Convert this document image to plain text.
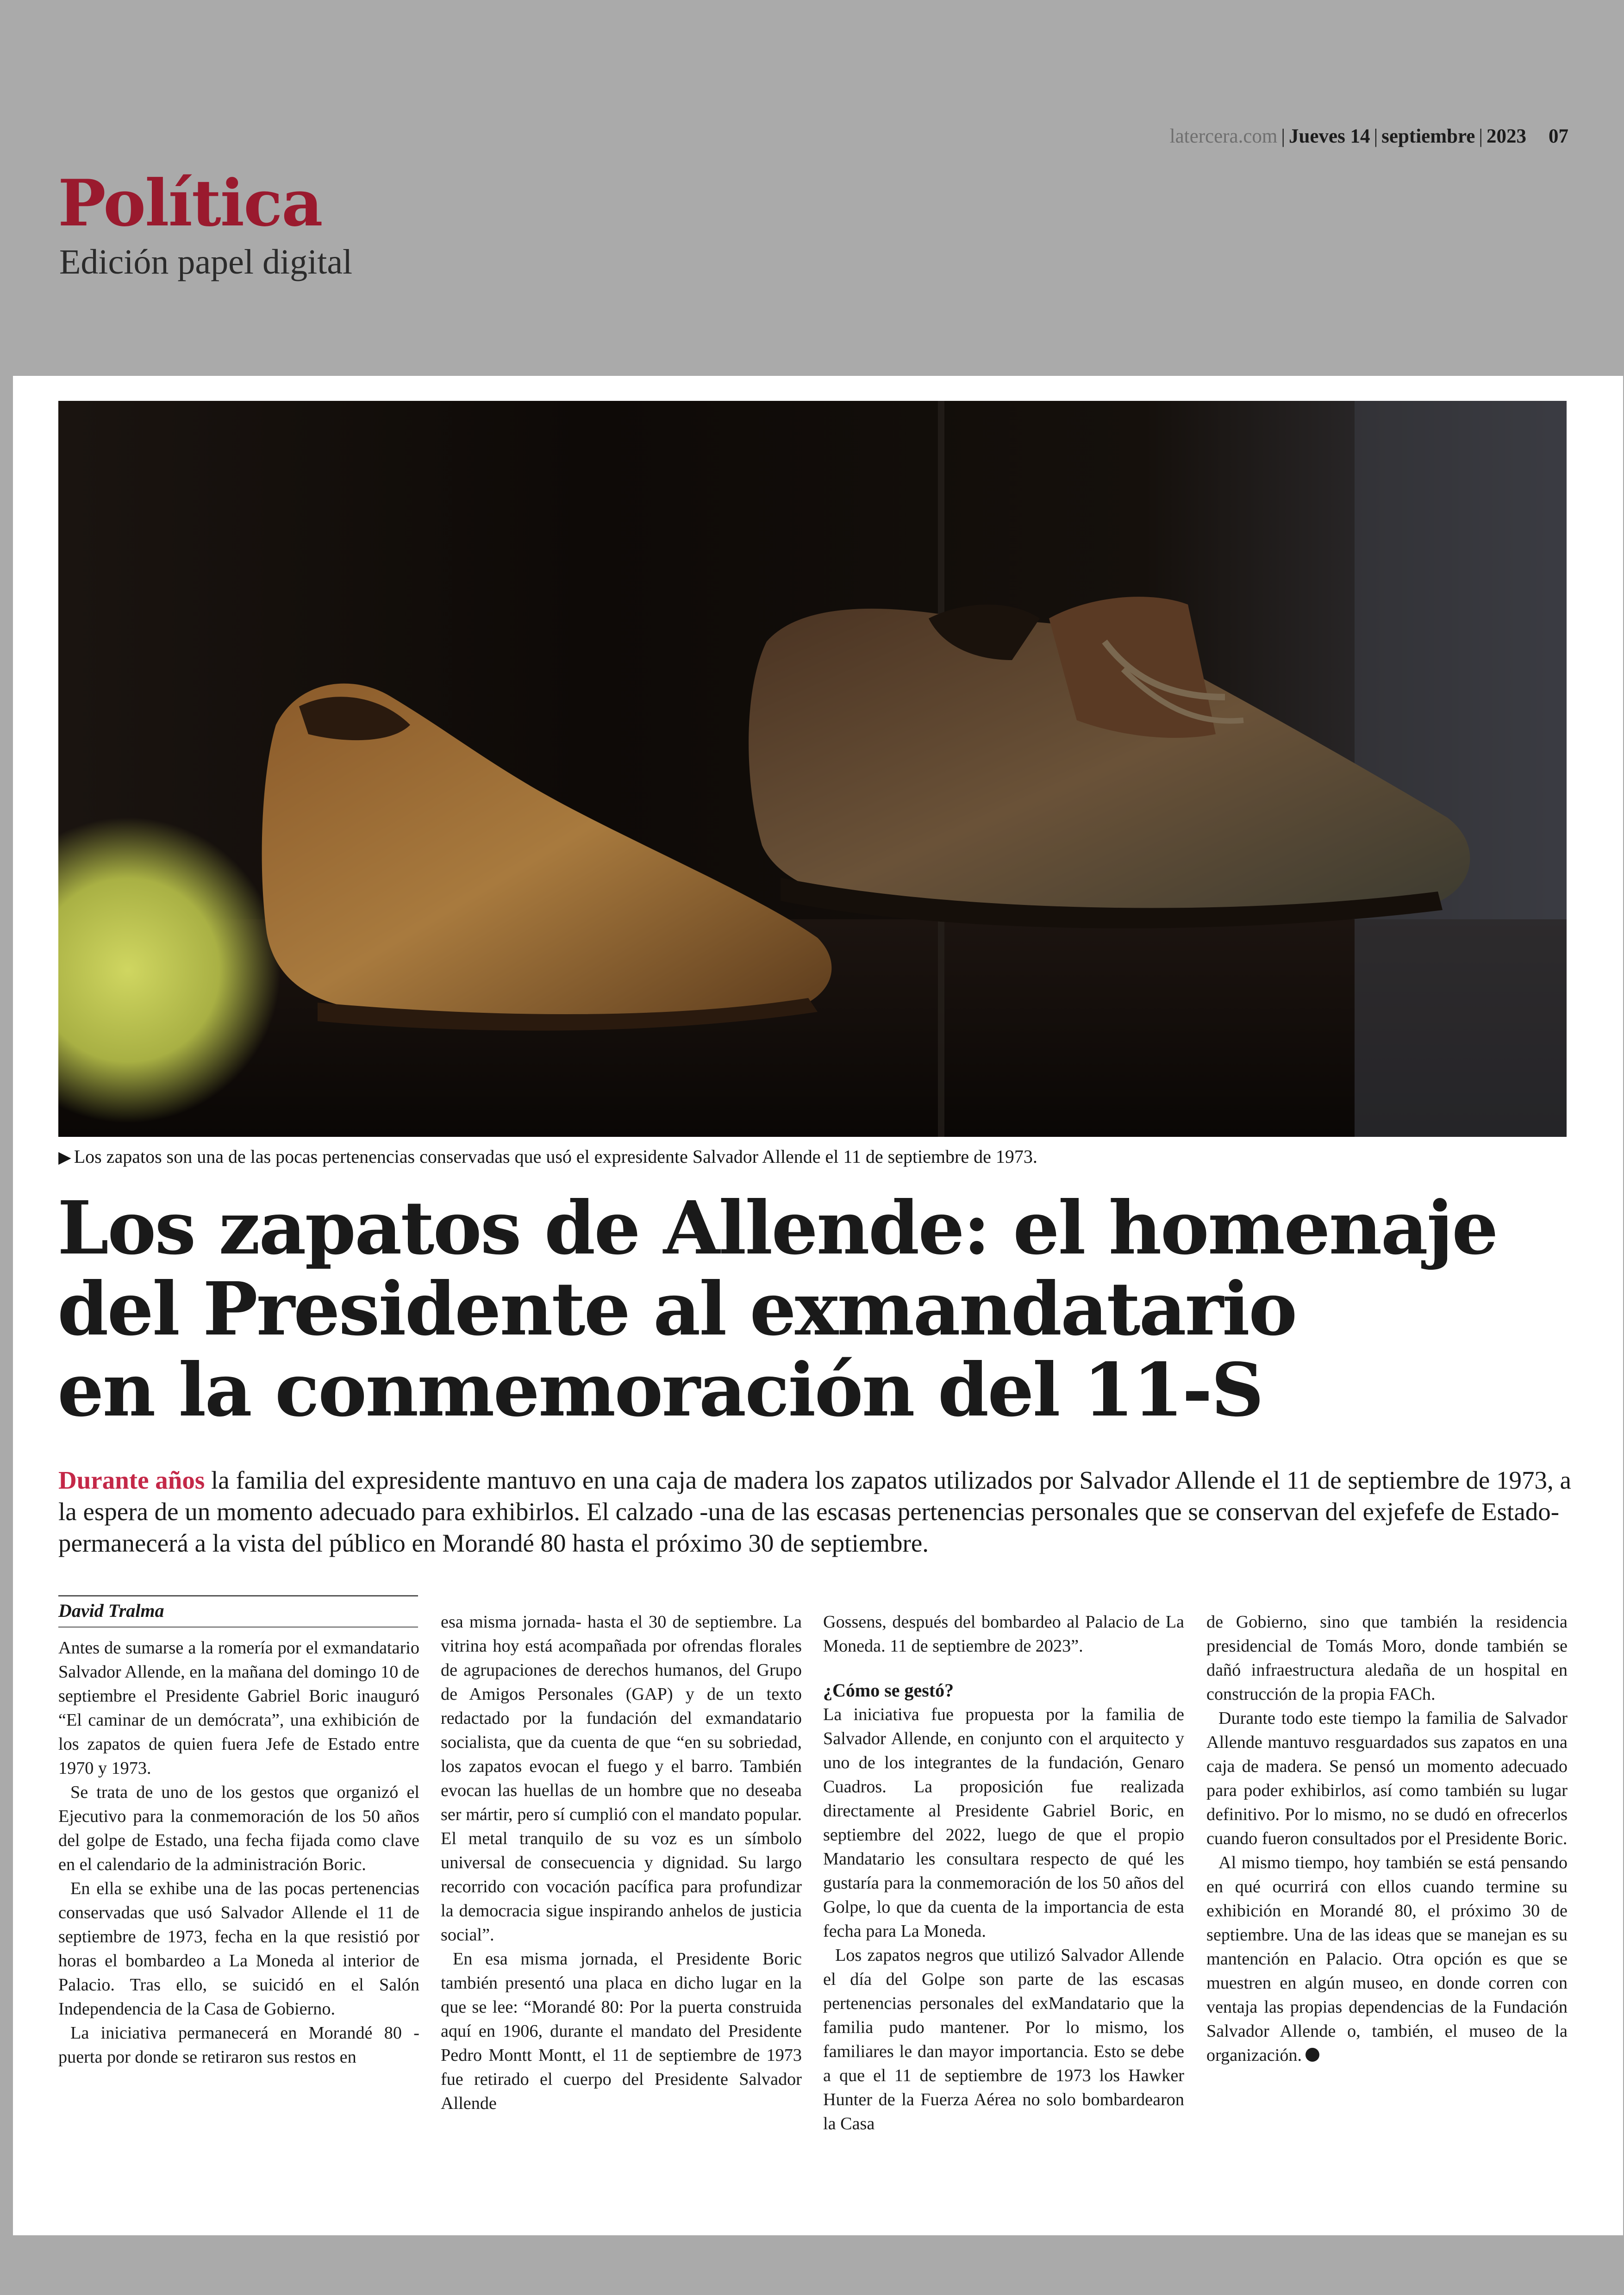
Política
Edición papel digital
latercera.com | Jueves 14 | septiembre | 2023 07
▶ Los zapatos son una de las pocas pertenencias conservadas que usó el expresidente Salvador Allende el 11 de septiembre de 1973.
Los zapatos de Allende: el homenaje
del Presidente al exmandatario
en la conmemoración del 11-S
Durante años la familia del expresidente mantuvo en una caja de madera los zapatos utilizados por Salvador Allende el 11 de septiembre de 1973, a la espera de un momento adecuado para exhibirlos. El calzado -una de las escasas pertenencias personales que se conservan del exjefefe de Estado- permanecerá a la vista del público en Morandé 80 hasta el próximo 30 de septiembre.
David Tralma

Antes de sumarse a la romería por el exmandatario Salvador Allende, en la mañana del domingo 10 de septiembre el Presidente Gabriel Boric inauguró “El caminar de un demócrata”, una exhibición de los zapatos de quien fuera Jefe de Estado entre 1970 y 1973.

Se trata de uno de los gestos que organizó el Ejecutivo para la conmemoración de los 50 años del golpe de Estado, una fecha fijada como clave en el calendario de la administración Boric.

En ella se exhibe una de las pocas pertenencias conservadas que usó Salvador Allende el 11 de septiembre de 1973, fecha en la que resistió por horas el bombardeo a La Moneda al interior de Palacio. Tras ello, se suicidó en el Salón Independencia de la Casa de Gobierno.

La iniciativa permanecerá en Morandé 80 -puerta por donde se retiraron sus restos en

esa misma jornada- hasta el 30 de septiembre. La vitrina hoy está acompañada por ofrendas florales de agrupaciones de derechos humanos, del Grupo de Amigos Personales (GAP) y de un texto redactado por la fundación del exmandatario socialista, que da cuenta de que “en su sobriedad, los zapatos evocan el fuego y el barro. También evocan las huellas de un hombre que no deseaba ser mártir, pero sí cumplió con el mandato popular. El metal tranquilo de su voz es un símbolo universal de consecuencia y dignidad. Su largo recorrido con vocación pacífica para profundizar la democracia sigue inspirando anhelos de justicia social”.

En esa misma jornada, el Presidente Boric también presentó una placa en dicho lugar en la que se lee: “Morandé 80: Por la puerta construida aquí en 1906, durante el mandato del Presidente Pedro Montt Montt, el 11 de septiembre de 1973 fue retirado el cuerpo del Presidente Salvador Allende

Gossens, después del bombardeo al Palacio de La Moneda. 11 de septiembre de 2023”.

¿Cómo se gestó?

La iniciativa fue propuesta por la familia de Salvador Allende, en conjunto con el arquitecto y uno de los integrantes de la fundación, Genaro Cuadros. La proposición fue realizada directamente al Presidente Gabriel Boric, en septiembre del 2022, luego de que el propio Mandatario les consultara respecto de qué les gustaría para la conmemoración de los 50 años del Golpe, lo que da cuenta de la importancia de esta fecha para La Moneda.

Los zapatos negros que utilizó Salvador Allende el día del Golpe son parte de las escasas pertenencias personales del exMandatario que la familia pudo mantener. Por lo mismo, los familiares le dan mayor importancia. Esto se debe a que el 11 de septiembre de 1973 los Hawker Hunter de la Fuerza Aérea no solo bombardearon la Casa

de Gobierno, sino que también la residencia presidencial de Tomás Moro, donde también se dañó infraestructura aledaña de un hospital en construcción de la propia FACh.

Durante todo este tiempo la familia de Salvador Allende mantuvo resguardados sus zapatos en una caja de madera. Se pensó un momento adecuado para poder exhibirlos, así como también su lugar definitivo. Por lo mismo, no se dudó en ofrecerlos cuando fueron consultados por el Presidente Boric.

Al mismo tiempo, hoy también se está pensando en qué ocurrirá con ellos cuando termine su exhibición en Morandé 80, el próximo 30 de septiembre. Una de las ideas que se manejan es su mantención en Palacio. Otra opción es que se muestren en algún museo, en donde corren con ventaja las propias dependencias de la Fundación Salvador Allende o, también, el museo de la organización.
